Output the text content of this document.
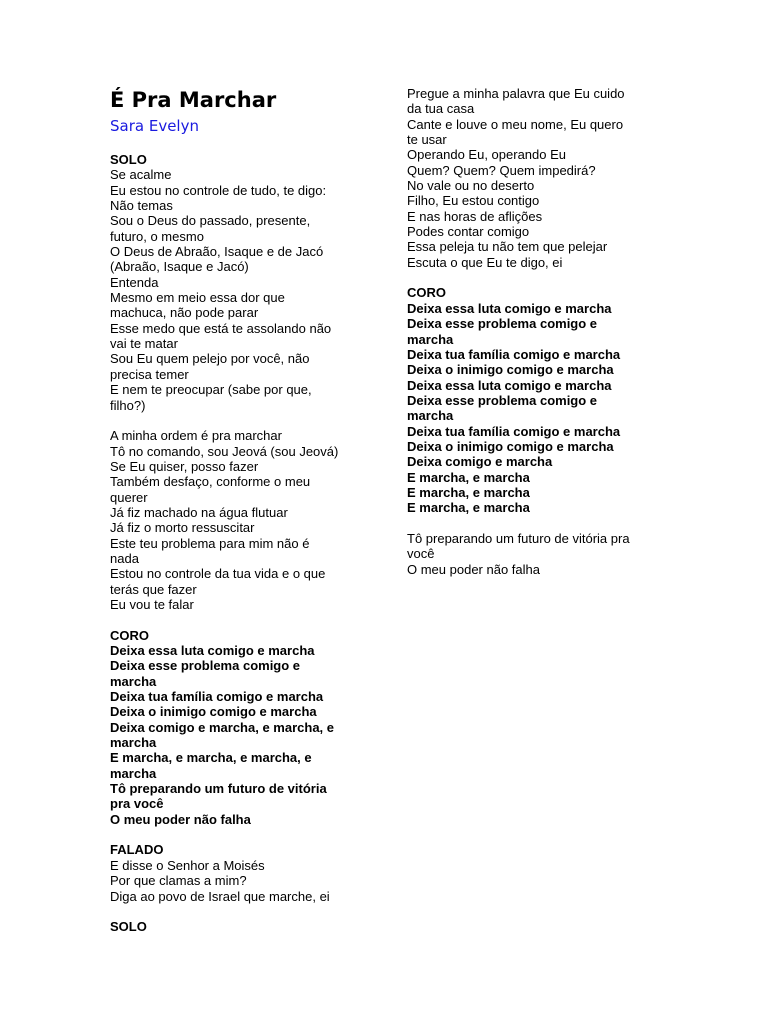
É Pra Marchar
Sara Evelyn
SOLO
Se acalme
Eu estou no controle de tudo, te digo:
Não temas
Sou o Deus do passado, presente,
futuro, o mesmo
O Deus de Abraão, Isaque e de Jacó
(Abraão, Isaque e Jacó)
Entenda
Mesmo em meio essa dor que
machuca, não pode parar
Esse medo que está te assolando não
vai te matar
Sou Eu quem pelejo por você, não
precisa temer
E nem te preocupar (sabe por que,
filho?)
A minha ordem é pra marchar
Tô no comando, sou Jeová (sou Jeová)
Se Eu quiser, posso fazer
Também desfaço, conforme o meu
querer
Já fiz machado na água flutuar
Já fiz o morto ressuscitar
Este teu problema para mim não é
nada
Estou no controle da tua vida e o que
terás que fazer
Eu vou te falar
CORO
Deixa essa luta comigo e marcha
Deixa esse problema comigo e
marcha
Deixa tua família comigo e marcha
Deixa o inimigo comigo e marcha
Deixa comigo e marcha, e marcha, e
marcha
E marcha, e marcha, e marcha, e
marcha
Tô preparando um futuro de vitória
pra você
O meu poder não falha
FALADO
E disse o Senhor a Moisés
Por que clamas a mim?
Diga ao povo de Israel que marche, ei
SOLO
Pregue a minha palavra que Eu cuido
da tua casa
Cante e louve o meu nome, Eu quero
te usar
Operando Eu, operando Eu
Quem? Quem? Quem impedirá?
No vale ou no deserto
Filho, Eu estou contigo
E nas horas de aflições
Podes contar comigo
Essa peleja tu não tem que pelejar
Escuta o que Eu te digo, ei
CORO
Deixa essa luta comigo e marcha
Deixa esse problema comigo e
marcha
Deixa tua família comigo e marcha
Deixa o inimigo comigo e marcha
Deixa essa luta comigo e marcha
Deixa esse problema comigo e
marcha
Deixa tua família comigo e marcha
Deixa o inimigo comigo e marcha
Deixa comigo e marcha
E marcha, e marcha
E marcha, e marcha
E marcha, e marcha
Tô preparando um futuro de vitória pra
você
O meu poder não falha
